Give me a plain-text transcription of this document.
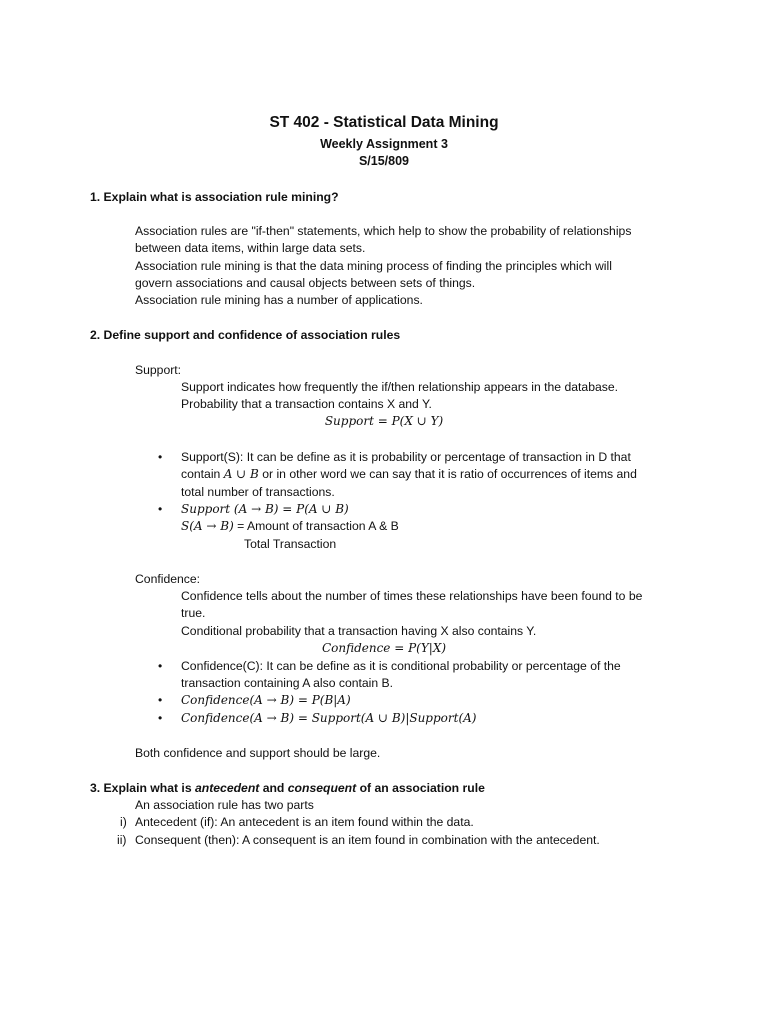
ST 402 - Statistical Data Mining
Weekly Assignment 3
S/15/809
1. Explain what is association rule mining?
Association rules are "if-then" statements, which help to show the probability of relationships
between data items, within large data sets.
Association rule mining is that the data mining process of finding the principles which will
govern associations and causal objects between sets of things.
Association rule mining has a number of applications.
2. Define support and confidence of association rules
Support:
Support indicates how frequently the if/then relationship appears in the database.
Probability that a transaction contains X and Y.
Support = P(X ∪ Y)
• Support(S): It can be define as it is probability or percentage of transaction in D that
contain A ∪ B or in other word we can say that it is ratio of occurrences of items and
total number of transactions.
• Support (A → B) = P(A ∪ B)
S(A → B) = Amount of transaction A & B
Total Transaction
Confidence:
Confidence tells about the number of times these relationships have been found to be
true.
Conditional probability that a transaction having X also contains Y.
Confidence = P(Y|X)
• Confidence(C): It can be define as it is conditional probability or percentage of the
transaction containing A also contain B.
• Confidence(A → B) = P(B|A)
• Confidence(A → B) = Support(A ∪ B)|Support(A)
Both confidence and support should be large.
3. Explain what is antecedent and consequent of an association rule
An association rule has two parts
i) Antecedent (if): An antecedent is an item found within the data.
ii) Consequent (then): A consequent is an item found in combination with the antecedent.
